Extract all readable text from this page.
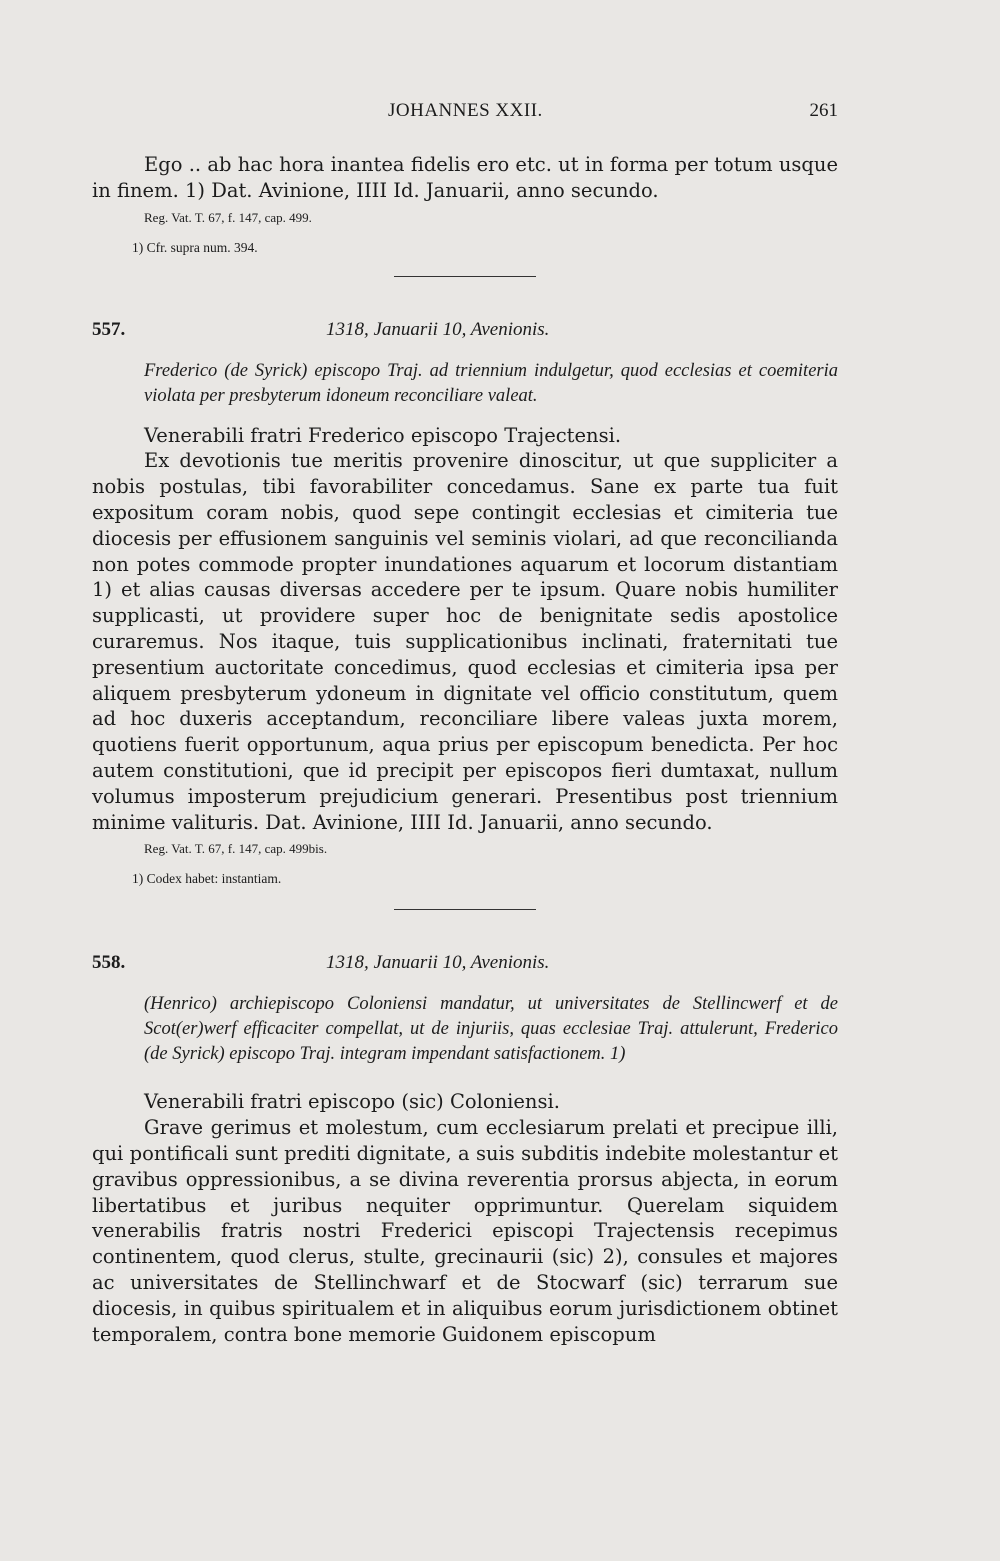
JOHANNES XXII.	261

Ego .. ab hac hora inantea fidelis ero etc. ut in forma per totum usque in finem. 1) Dat. Avinione, IIII Id. Januarii, anno secundo.

Reg. Vat. T. 67, f. 147, cap. 499.
1) Cfr. supra num. 394.
557.	1318, Januarii 10, Avenionis.
Frederico (de Syrick) episcopo Traj. ad triennium indulgetur, quod ecclesias et coemiteria violata per presbyterum idoneum reconciliare valeat.
Venerabili fratri Frederico episcopo Trajectensi.

Ex devotionis tue meritis provenire dinoscitur, ut que suppliciter a nobis postulas, tibi favorabiliter concedamus. Sane ex parte tua fuit expositum coram nobis, quod sepe contingit ecclesias et cimiteria tue diocesis per effusionem sanguinis vel seminis violari, ad que reconcilianda non potes commode propter inundationes aquarum et locorum distantiam 1) et alias causas diversas accedere per te ipsum. Quare nobis humiliter supplicasti, ut providere super hoc de benignitate sedis apostolice curaremus. Nos itaque, tuis supplicationibus inclinati, fraternitati tue presentium auctoritate concedimus, quod ecclesias et cimiteria ipsa per aliquem presbyterum ydoneum in dignitate vel officio constitutum, quem ad hoc duxeris acceptandum, reconciliare libere valeas juxta morem, quotiens fuerit opportunum, aqua prius per episcopum benedicta. Per hoc autem constitutioni, que id precipit per episcopos fieri dumtaxat, nullum volumus imposterum prejudicium generari. Presentibus post triennium minime valituris. Dat. Avinione, IIII Id. Januarii, anno secundo.

Reg. Vat. T. 67, f. 147, cap. 499bis.
1) Codex habet: instantiam.
558.	1318, Januarii 10, Avenionis.
(Henrico) archiepiscopo Coloniensi mandatur, ut universitates de Stellincwerf et de Scot(er)werf efficaciter compellat, ut de injuriis, quas ecclesiae Traj. attulerunt, Frederico (de Syrick) episcopo Traj. integram impendant satisfactionem. 1)
Venerabili fratri episcopo (sic) Coloniensi.

Grave gerimus et molestum, cum ecclesiarum prelati et precipue illi, qui pontificali sunt prediti dignitate, a suis subditis indebite molestantur et gravibus oppressionibus, a se divina reverentia prorsus abjecta, in eorum libertatibus et juribus nequiter opprimuntur. Querelam siquidem venerabilis fratris nostri Frederici episcopi Trajectensis recepimus continentem, quod clerus, stulte, grecinaurii (sic) 2), consules et majores ac universitates de Stellinchwarf et de Stocwarf (sic) terrarum sue diocesis, in quibus spiritualem et in aliquibus eorum jurisdictionem obtinet temporalem, contra bone memorie Guidonem episcopum
